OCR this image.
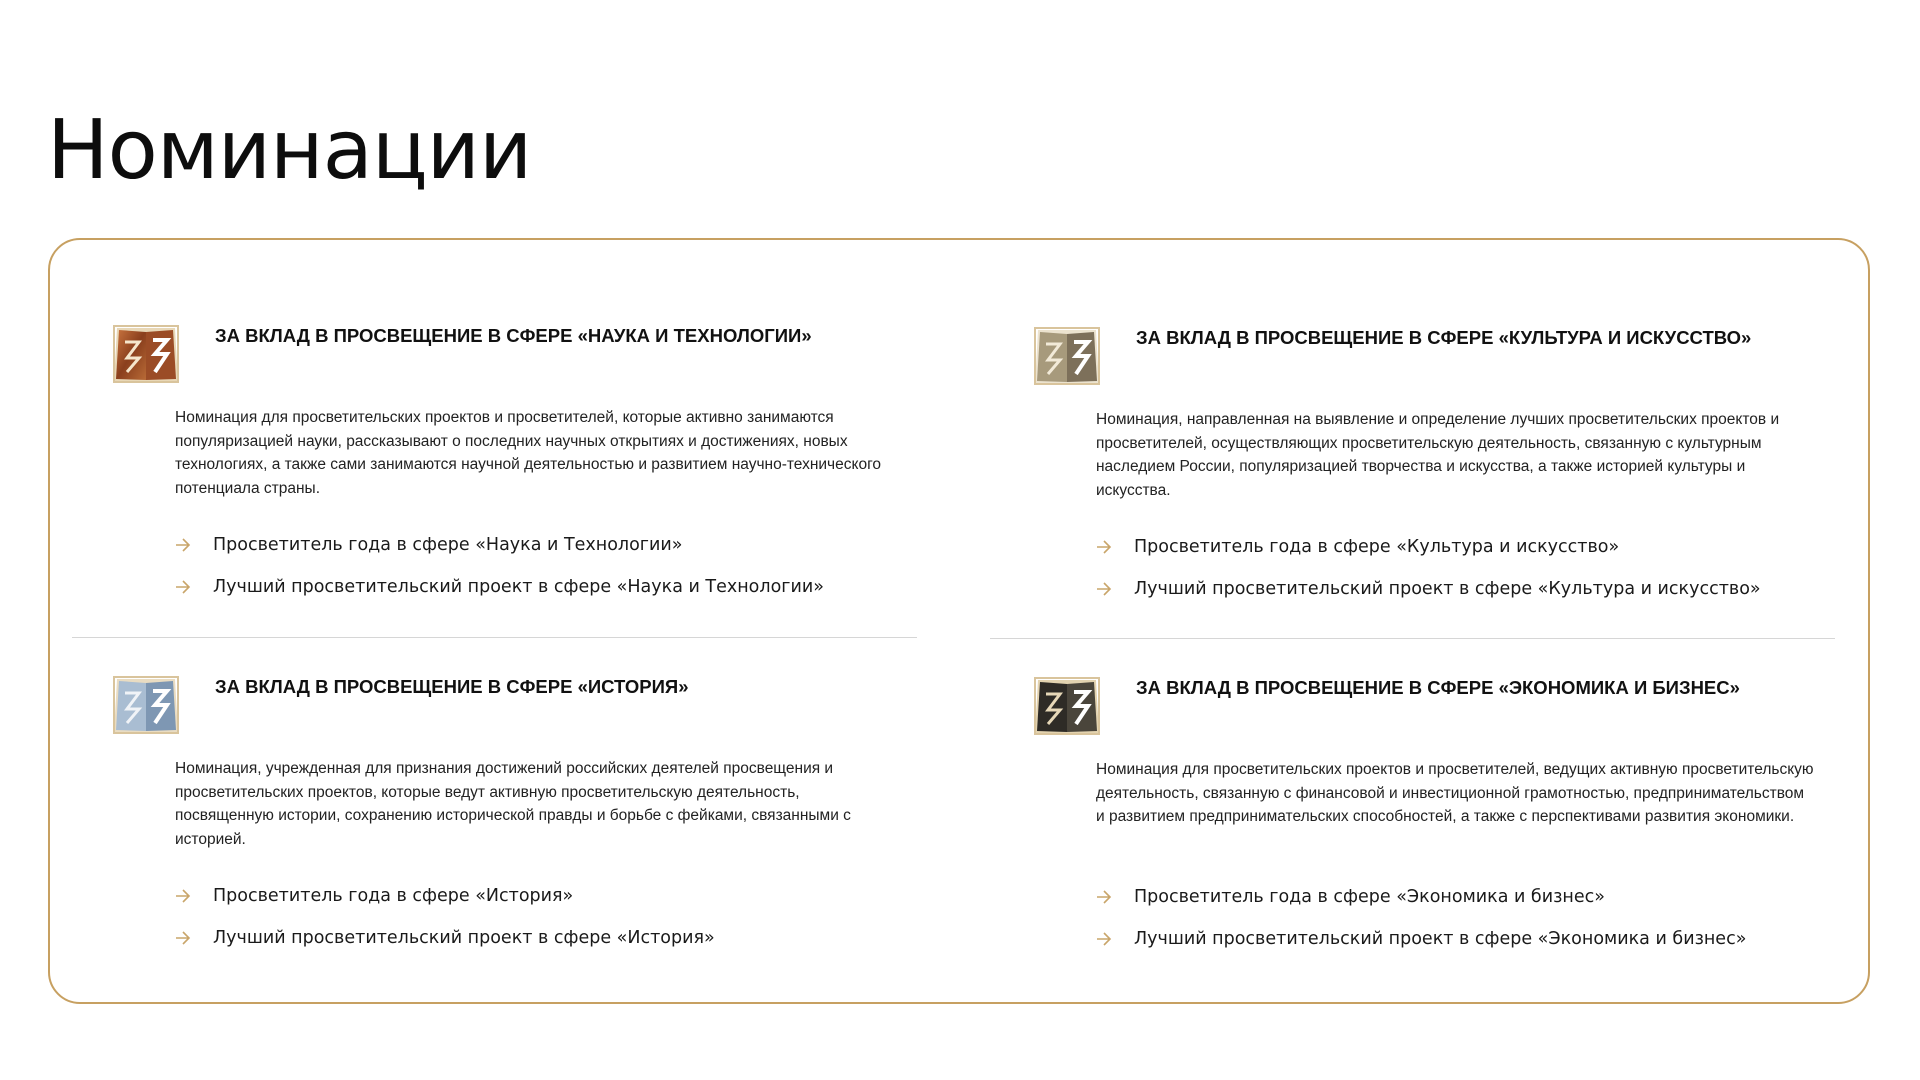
Номинации
ЗА ВКЛАД В ПРОСВЕЩЕНИЕ В СФЕРЕ «НАУКА И ТЕХНОЛОГИИ»

Номинация для просветительских проектов и просветителей, которые активно занимаются популяризацией науки, рассказывают о последних научных открытиях и достижениях, новых технологиях, а также сами занимаются научной деятельностью и развитием научно-технического потенциала страны.

Просветитель года в сфере «Наука и Технологии»
Лучший просветительский проект в сфере «Наука и Технологии»
ЗА ВКЛАД В ПРОСВЕЩЕНИЕ В СФЕРЕ «КУЛЬТУРА И ИСКУССТВО»

Номинация, направленная на выявление и определение лучших просветительских проектов и просветителей, осуществляющих просветительскую деятельность, связанную с культурным наследием России, популяризацией творчества и искусства, а также историей культуры и искусства.

Просветитель года в сфере «Культура и искусство»
Лучший просветительский проект в сфере «Культура и искусство»
ЗА ВКЛАД В ПРОСВЕЩЕНИЕ В СФЕРЕ «ИСТОРИЯ»

Номинация, учрежденная для признания достижений российских деятелей просвещения и просветительских проектов, которые ведут активную просветительскую деятельность, посвященную истории, сохранению исторической правды и борьбе с фейками, связанными с историей.

Просветитель года в сфере «История»
Лучший просветительский проект в сфере «История»
ЗА ВКЛАД В ПРОСВЕЩЕНИЕ В СФЕРЕ «ЭКОНОМИКА И БИЗНЕС»

Номинация для просветительских проектов и просветителей, ведущих активную просветительскую деятельность, связанную с финансовой и инвестиционной грамотностью, предпринимательством и развитием предпринимательских способностей, а также с перспективами развития экономики.

Просветитель года в сфере «Экономика и бизнес»
Лучший просветительский проект в сфере «Экономика и бизнес»
